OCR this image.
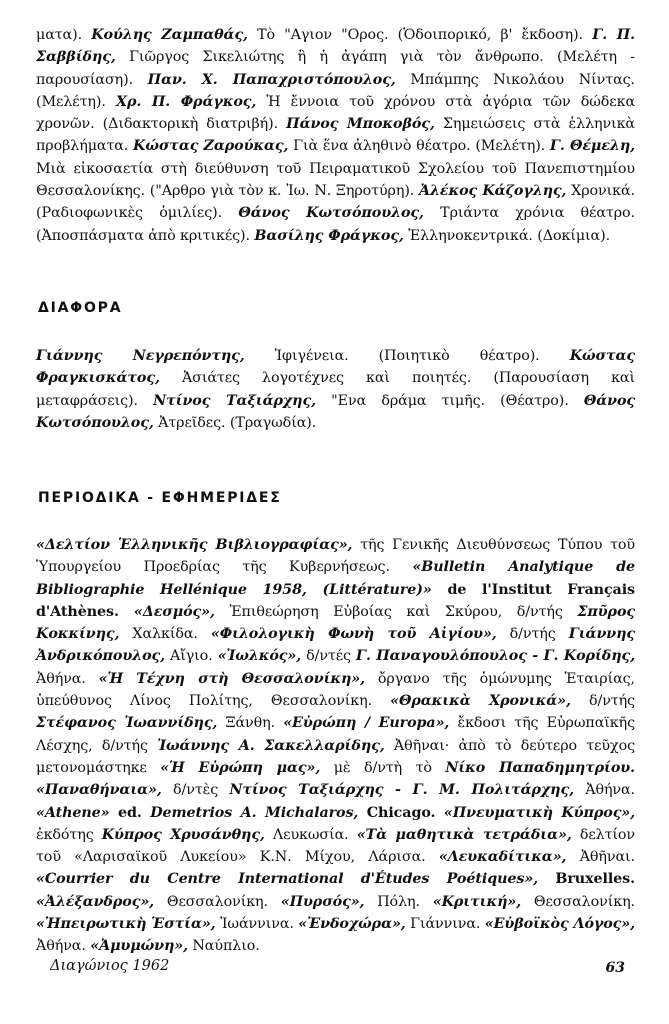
ματα). Κούλης Ζαμπαθάς, Τὸ "Αγιον "Ορος. (Ὁδοιπορικό, β' ἔκδοση). Γ. Π. Σαββίδης, Γιῶργος Σικελιώτης ἢ ἡ ἀγάπη γιὰ τὸν ἄνθρωπο. (Μελέτη - παρουσίαση). Παν. Χ. Παπαχριστόπουλος, Μπάμπης Νικολάου Νίντας. (Μελέτη). Χρ. Π. Φράγκος, Ἡ ἔννοια τοῦ χρόνου στὰ ἀγόρια τῶν δώδεκα χρονῶν. (Διδακτορικὴ διατριβή). Πάνος Μποκοβός, Σημειώσεις στὰ ἑλληνικὰ προβλήματα. Κώστας Ζαρούκας, Γιὰ ἕνα ἀληθινὸ θέατρο. (Μελέτη). Γ. Θέμελη, Μιὰ εἰκοσαετία στὴ διεύθυνση τοῦ Πειραματικοῦ Σχολείου τοῦ Πανεπιστημίου Θεσσαλονίκης. ("Αρθρο γιὰ τὸν κ. Ἰω. Ν. Ξηροτύρη). Ἀλέκος Κάζογλης, Χρονικά. (Ραδιοφωνικὲς ὁμιλίες). Θάνος Κωτσόπουλος, Τριάντα χρόνια θέατρο. (Ἀποσπάσματα ἀπὸ κριτικές). Βασίλης Φράγκος, Ἑλληνοκεντρικά. (Δοκίμια).

ΔΙΑΦΟΡΑ

Γιάννης Νεγρεπόντης, Ἰφιγένεια. (Ποιητικὸ θέατρο). Κώστας Φραγκισκάτος, Ἀσιάτες λογοτέχνες καὶ ποιητές. (Παρουσίαση καὶ μεταφράσεις). Ντίνος Ταξιάρχης, "Ενα δράμα τιμῆς. (Θέατρο). Θάνος Κωτσόπουλος, Ἀτρεῖδες. (Τραγωδία).

ΠΕΡΙΟΔΙΚΑ - ΕΦΗΜΕΡΙΔΕΣ

«Δελτίον Ἑλληνικῆς Βιβλιογραφίας», τῆς Γενικῆς Διευθύνσεως Τύπου τοῦ Ὑπουργείου Προεδρίας τῆς Κυβερνήσεως. «Bulletin Analytique de Bibliographie Hellénique 1958, (Littérature)» de l'Institut Français d'Athènes. «Δεσμός», Ἐπιθεώρηση Εὐβοίας καὶ Σκύρου, δ/ντής Σπῦρος Κοκκίνης, Χαλκίδα. «Φιλολογικὴ Φωνὴ τοῦ Αἰγίου», δ/ντής Γιάννης Ἀνδρικόπουλος, Αἴγιο. «Ἰωλκός», δ/ντές Γ. Παναγουλόπουλος - Γ. Κορίδης, Ἀθήνα. «Ἡ Τέχνη στὴ Θεσσαλονίκη», ὄργανο τῆς ὁμώνυμης Ἑταιρίας, ὑπεύθυνος Λίνος Πολίτης, Θεσσαλονίκη. «Θρακικὰ Χρονικά», δ/ντής Στέφανος Ἰωαννίδης, Ξάνθη. «Εὐρώπη / Europa», ἔκδοσι τῆς Εὐρωπαϊκῆς Λέσχης, δ/ντής Ἰωάννης Α. Σακελλαρίδης, Ἀθῆναι· ἀπὸ τὸ δεύτερο τεῦχος μετονομάστηκε «Ἡ Εὐρώπη μας», μὲ δ/ντὴ τὸ Νίκο Παπαδημητρίου. «Παναθήναια», δ/ντὲς Ντίνος Ταξιάρχης - Γ. Μ. Πολιτάρχης, Ἀθήνα. «Athene» ed. Demetrios A. Michalaros, Chicago. «Πνευματικὴ Κύπρος», ἐκδότης Κύπρος Χρυσάνθης, Λευκωσία. «Τὰ μαθητικὰ τετράδια», δελτίον τοῦ «Λαρισαϊκοῦ Λυκείου» Κ.Ν. Μίχου, Λάρισα. «Λευκαδίτικα», Ἀθῆναι. «Courrier du Centre International d'Études Poétiques», Bruxelles. «Ἀλέξανδρος», Θεσσαλονίκη. «Πυρσός», Πόλη. «Κριτική», Θεσσαλονίκη. «Ἠπειρωτικὴ Ἑστία», Ἰωάννινα. «Ἐνδοχώρα», Γιάννινα. «Εὐβοϊκὸς Λόγος», Ἀθήνα. «Ἀμυμώνη», Ναύπλιο.

Διαγώνιος 1962	63
